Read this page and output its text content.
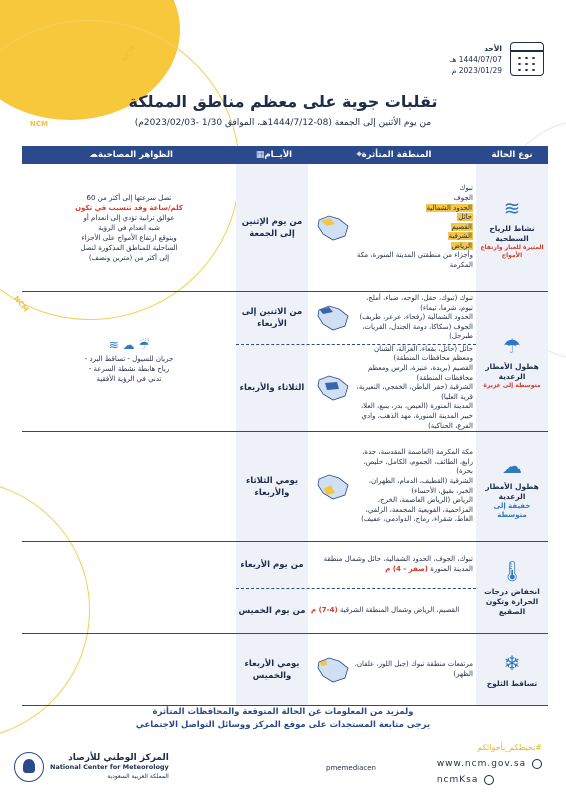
NCM
NCM
NCM
الأحد
1444/07/07 هـ
2023/01/29 م
تقلبات جوية على معظم مناطق المملكة
من يوم الأثنين إلى الجمعة (08-1444/7/12هـ، الموافق 1/30 -2023/02/03م)
نوع الحالة
⌖ المنطقة المتأثرة
▦ الأيــام
☁ الظواهر المصاحبة
≋
نشاط للرياح السطحية
المثيرة للغبار وارتفاع الأمواج
تبوك
الجوف
الحدود الشمالية
حائل
القصيم
الشرقية
الرياض
وأجزاء من منطقتي المدينة المنورة، مكة المكرمة
من يوم الإثنين إلى الجمعة
تصل سرعتها إلى أكثر من 60
كلم/ساعة وقد تتسبب في تكون
عوالق ترابية تؤدي إلى انعدام أو
شبه انعدام في الرؤية
ويتوقع ارتفاع الأمواج على الأجزاء
الساحلية للمناطق المذكورة لتصل
إلى أكثر من (مترين ونصف)
☂
هطول الأمطار الرعدية
متوسطة إلى غزيرة
تبوك (تبوك، حقل، الوجه، ضباء، أملج، تيوم، شرما، تيماء)
الحدود الشمالية (رفحاء، عرعر، طريف)
الجوف (سكاكا، دومة الجندل، القريات، طبرجل)
من الاثنين إلى الأربعاء
حائل (حائل، بقعاء، الغزالة، الشنان ومعظم محافظات المنطقة)
القصيم (بريدة، عنيزة، الرس ومعظم محافظات المنطقة)
الشرقية (حفر الباطن، الخفجي، النعيرية، قرية العليا)
المدينة المنورة (العيص، بدر، ينبع، العلا، خيبر المدينة المنورة، مهد الذهب، وادي الفرع، الحناكية)
الثلاثاء والأربعاء
☔ ☁ ≋
جريان للسيول - تساقط البرد -
رياح هابطة نشطة السرعة -
تدني في الرؤية الأفقية
☁
هطول الأمطار الرعدية
خفيفة إلى متوسطة
مكة المكرمة (العاصمة المقدسة، جدة، رابغ، الطائف، الجموم، الكامل، خليص، بحرة)
الشرقية (القطيف، الدمام، الظهران، الخبر، بقيق، الأحساء)
الرياض (الرياض العاصمة، الخرج، المزاحمية، القويعية المجمعة، الزلفي، الغاط، شقراء، رماح، الدوادمي، عفيف)
يومي الثلاثاء والأربعاء
🌡
انخفاض درجات الحرارة وتكون الصقيع
تبوك، الجوف، الحدود الشمالية، حائل وشمال منطقة المدينة المنورة (صفر - 4) م
من يوم الأربعاء
القصيم، الرياض وشمال المنطقة الشرقية (4-7) م
من يوم الخميس
❄
تساقط الثلوج
مرتفعات منطقة تبوك (جبل اللوز، علقان، الظهر)
يومي الأربعاء والخميس
ولمزيد من المعلومات عن الحالة المتوقعة والمحافظات المتأثرة
يرجى متابعة المستجدات على موقع المركز ووسائل التواصل الاجتماعي
#نحيطكم_بأجوائكم
المركز الوطني للأرصاد
National Center for Meteorology
المملكة العربية السعودية
pmemediacen	www.ncm.gov.sa
ncmKsa
